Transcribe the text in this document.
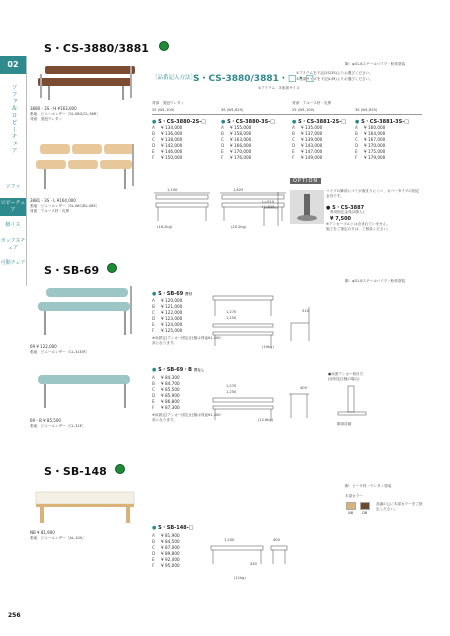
02
ソファ＆ロビーチェア
ソファ
ロビーチェア
脚イス
ボックスチェア
可動チェア
S・CS-3880/3881
脚：φ31.8スチールパイプ・粉体塗装
3880・3S・H ¥163,000
張地：ビニールレザー［SL-08G/CL-36R］
背面：発泡ウレタン
3881・3S・L ¥164,000
張地：ビニールレザー［SL-08C/BL-08E］
背面：アユース材・乳棒
［品番記入方法］
S・CS-3880/3881・□・□
①アイテムを下記(2S/3S)よりお選びください。
②座席サイズを下記(L/M)よりお選びください。
①アイテム　②座席サイズ
背部：発泡ウレタン	背部：アユース材・乳棒
25 (W1,100)	3S (W1,625)	25 (W1,100)	3S (W1,625)
● S・CS-3880-2S-□
A ¥ 134,000
B ¥ 136,000
C ¥ 138,000
D ¥ 142,000
E ¥ 146,000
F ¥ 150,000
● S・CS-3880-3S-□
A ¥ 155,000
B ¥ 158,000
C ¥ 163,000
D ¥ 166,000
E ¥ 170,000
F ¥ 176,000
● S・CS-3881-2S-□
A ¥ 135,000
B ¥ 137,000
C ¥ 139,000
D ¥ 143,000
E ¥ 147,000
F ¥ 149,000
● S・CS-3881-3S-□
A ¥ 160,000
B ¥ 164,000
C ¥ 167,000
D ¥ 170,000
E ¥ 175,000
F ¥ 179,000
1,100	1,625
(16.2kg)	(20.2kg)
L=510
H=615
OPTION
パイプの脚部にゴミが溜まりにくい、カバータイプの固定金具です。
● S・CS-3887
専用固定金具(2個入)
¥ 7,500
※アンカーボルトは含まれていません。
施工をご指定の方は、ご相談ください。
S・SB-69
脚：φ31.8スチールパイプ・粉体塗装
69 ¥ 122,000
張地：ビニールレザー［CL-31E/R］
69・B ¥ 85,500
張地：ビニールレザー［CL-31E］
● S・SB-69 背付
A ¥ 120,000
B ¥ 121,000
C ¥ 122,000
D ¥ 123,000
E ¥ 124,000
F ¥ 125,000
※床固定(アンカー固定)仕様は別途¥1,400高となります。
1,270
1,250
(19kg)
510
● S・SB-69・B 背なし
A ¥ 84,300
B ¥ 84,700
C ¥ 85,500
D ¥ 85,900
E ¥ 86,800
F ¥ 87,300
※床固定(アンカー固定)仕様は別途¥1,400高となります。
1,270
1,250
(12.6kg)
400
●床面アンカー取付穴
(床固定仕様の場合)
脚部詳細
S・SB-148
脚：ビーチ材・ウレタン塗装
NB ¥ 81,900
張地：ビニールレザー［AL-10A］
● S・SB-148-□
A ¥ 81,900
B ¥ 84,500
C ¥ 87,000
D ¥ 89,800
E ¥ 92,400
F ¥ 95,000
1,200	400
430
(11kg)
木部カラー
NB DB
品番の□に木部カラーをご指定ください。
256
